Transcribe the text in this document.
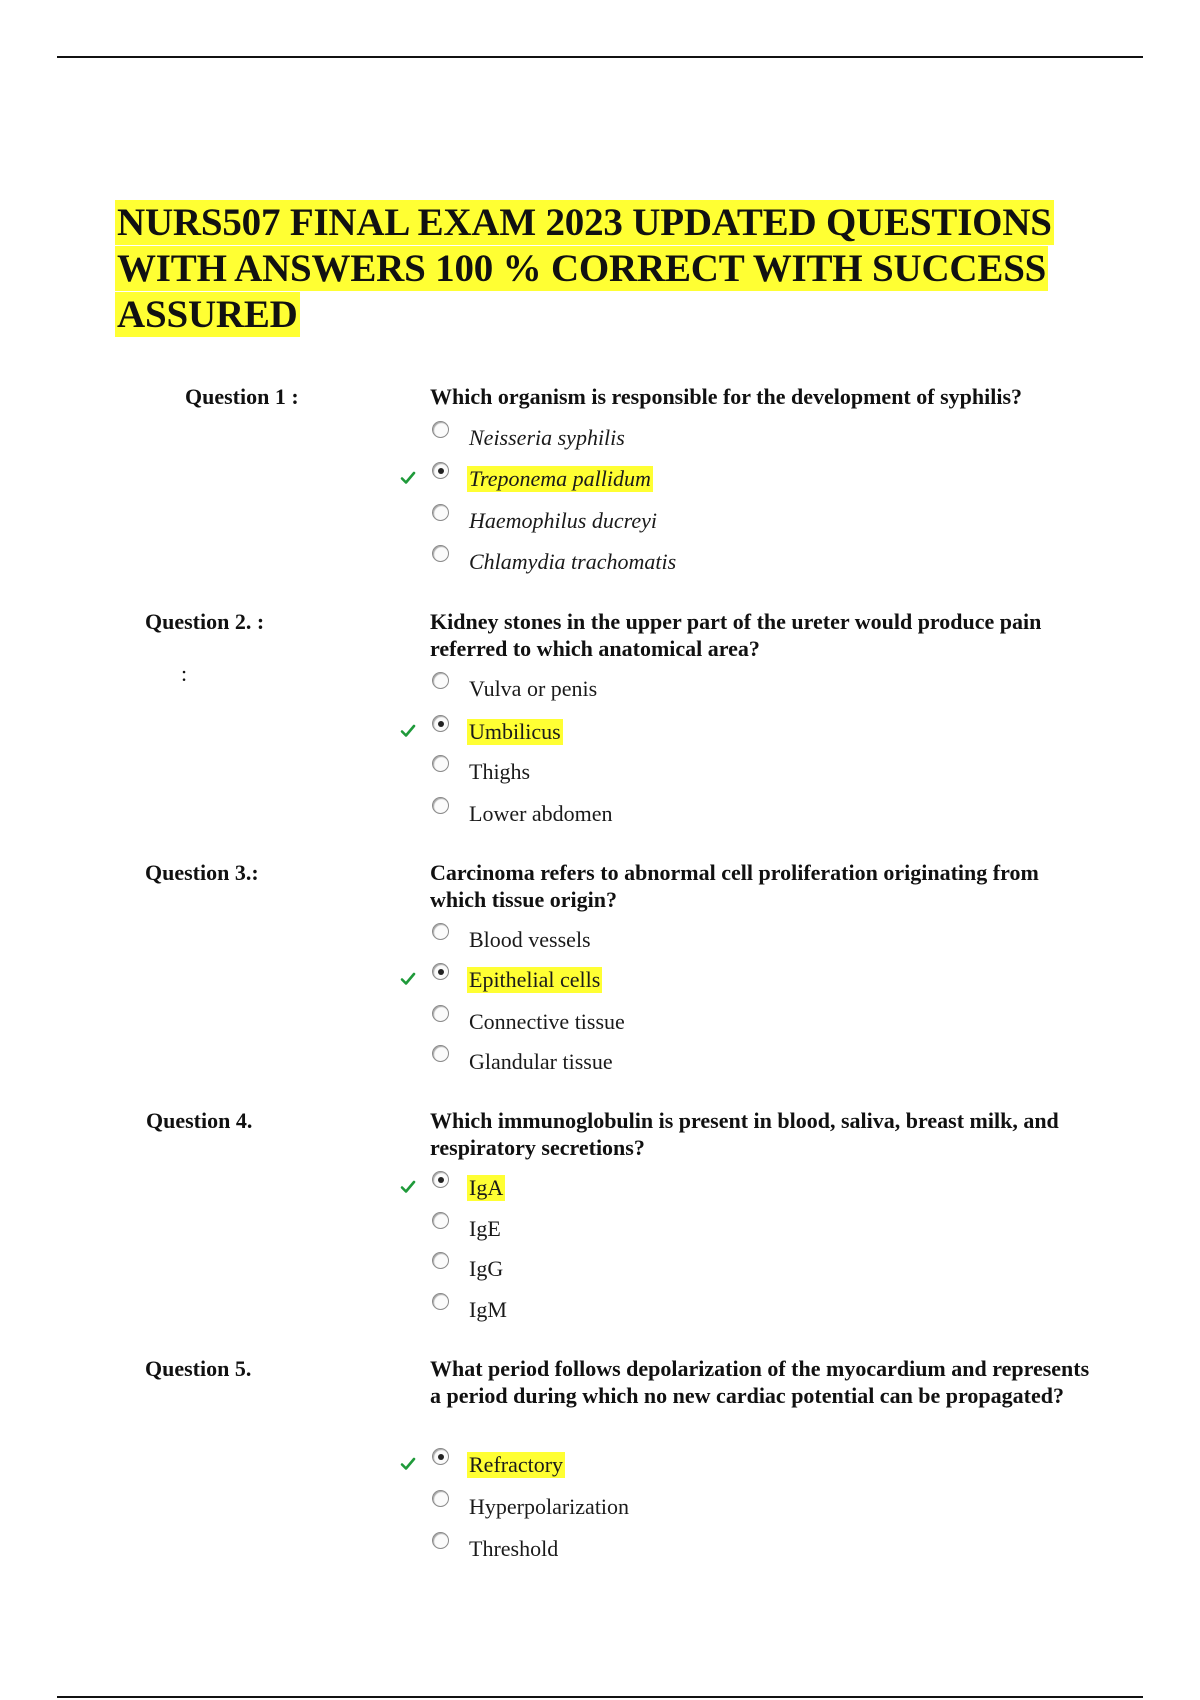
NURS507 FINAL EXAM 2023 UPDATED QUESTIONS WITH ANSWERS 100 % CORRECT WITH SUCCESS ASSURED
Question 1 :	Which organism is responsible for the development of syphilis?
Neisseria syphilis
Treponema pallidum
Haemophilus ducreyi
Chlamydia trachomatis
Question 2. :
:
Kidney stones in the upper part of the ureter would produce pain referred to which anatomical area?
Vulva or penis
Umbilicus
Thighs
Lower abdomen
Question 3.:	Carcinoma refers to abnormal cell proliferation originating from which tissue origin?
Blood vessels
Epithelial cells
Connective tissue
Glandular tissue
Question 4.	Which immunoglobulin is present in blood, saliva, breast milk, and respiratory secretions?
IgA
IgE
IgG
IgM
Question 5.	What period follows depolarization of the myocardium and represents a period during which no new cardiac potential can be propagated?
Refractory
Hyperpolarization
Threshold
